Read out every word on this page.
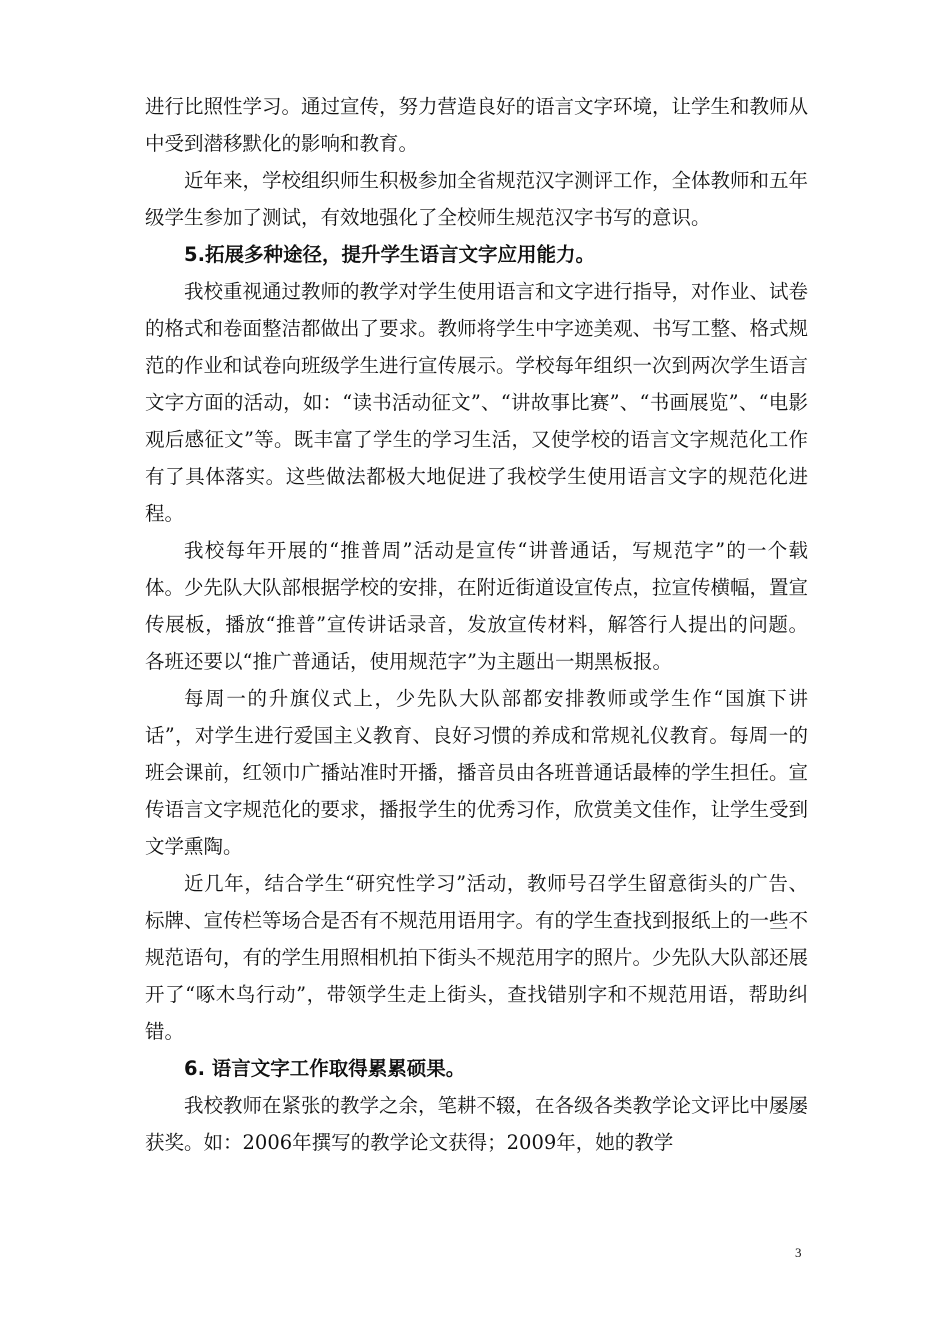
进行比照性学习。通过宣传，努力营造良好的语言文字环境，让学生和教师从中受到潜移默化的影响和教育。

近年来，学校组织师生积极参加全省规范汉字测评工作，全体教师和五年级学生参加了测试，有效地强化了全校师生规范汉字书写的意识。

5.拓展多种途径，提升学生语言文字应用能力。

我校重视通过教师的教学对学生使用语言和文字进行指导，对作业、试卷的格式和卷面整洁都做出了要求。教师将学生中字迹美观、书写工整、格式规范的作业和试卷向班级学生进行宣传展示。学校每年组织一次到两次学生语言文字方面的活动，如：“读书活动征文”、“讲故事比赛”、“书画展览”、“电影观后感征文”等。既丰富了学生的学习生活，又使学校的语言文字规范化工作有了具体落实。这些做法都极大地促进了我校学生使用语言文字的规范化进程。

我校每年开展的“推普周”活动是宣传“讲普通话，写规范字”的一个载体。少先队大队部根据学校的安排，在附近街道设宣传点，拉宣传横幅，置宣传展板，播放“推普”宣传讲话录音，发放宣传材料，解答行人提出的问题。各班还要以“推广普通话，使用规范字”为主题出一期黑板报。

每周一的升旗仪式上，少先队大队部都安排教师或学生作“国旗下讲话”，对学生进行爱国主义教育、良好习惯的养成和常规礼仪教育。每周一的班会课前，红领巾广播站准时开播，播音员由各班普通话最棒的学生担任。宣传语言文字规范化的要求，播报学生的优秀习作，欣赏美文佳作，让学生受到文学熏陶。

近几年，结合学生“研究性学习”活动，教师号召学生留意街头的广告、标牌、宣传栏等场合是否有不规范用语用字。有的学生查找到报纸上的一些不规范语句，有的学生用照相机拍下街头不规范用字的照片。少先队大队部还展开了“啄木鸟行动”，带领学生走上街头，查找错别字和不规范用语，帮助纠错。

6. 语言文字工作取得累累硕果。

我校教师在紧张的教学之余，笔耕不辍，在各级各类教学论文评比中屡屡获奖。如：2006年撰写的教学论文获得；2009年，她的教学

3
